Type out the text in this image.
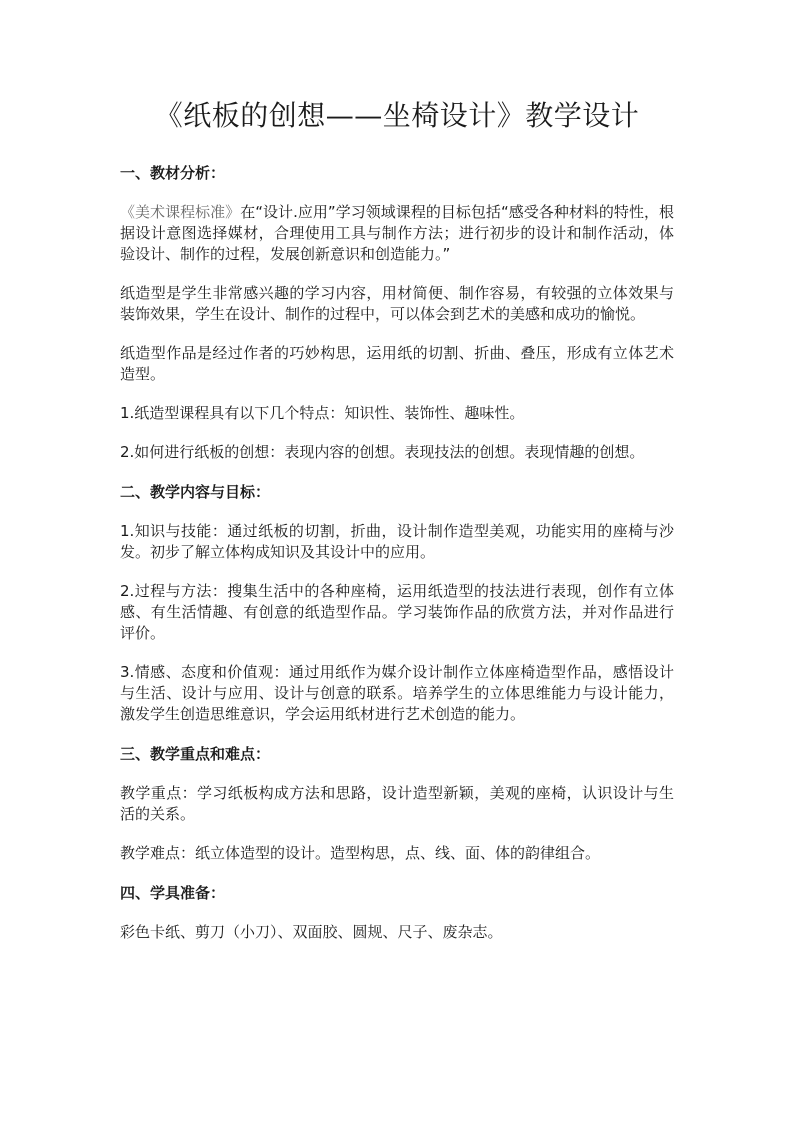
《纸板的创想——坐椅设计》教学设计
一、教材分析：

《美术课程标准》在“设计.应用”学习领域课程的目标包括“感受各种材料的特性，根据设计意图选择媒材，合理使用工具与制作方法；进行初步的设计和制作活动，体验设计、制作的过程，发展创新意识和创造能力。”

纸造型是学生非常感兴趣的学习内容，用材简便、制作容易，有较强的立体效果与装饰效果，学生在设计、制作的过程中，可以体会到艺术的美感和成功的愉悦。

纸造型作品是经过作者的巧妙构思，运用纸的切割、折曲、叠压，形成有立体艺术造型。

1.纸造型课程具有以下几个特点：知识性、装饰性、趣味性。

2.如何进行纸板的创想：表现内容的创想。表现技法的创想。表现情趣的创想。

二、教学内容与目标：

1.知识与技能：通过纸板的切割，折曲，设计制作造型美观，功能实用的座椅与沙发。初步了解立体构成知识及其设计中的应用。

2.过程与方法：搜集生活中的各种座椅，运用纸造型的技法进行表现，创作有立体感、有生活情趣、有创意的纸造型作品。学习装饰作品的欣赏方法，并对作品进行评价。

3.情感、态度和价值观：通过用纸作为媒介设计制作立体座椅造型作品，感悟设计与生活、设计与应用、设计与创意的联系。培养学生的立体思维能力与设计能力，激发学生创造思维意识，学会运用纸材进行艺术创造的能力。

三、教学重点和难点：

教学重点：学习纸板构成方法和思路，设计造型新颖，美观的座椅，认识设计与生活的关系。

教学难点：纸立体造型的设计。造型构思，点、线、面、体的韵律组合。

四、学具准备：

彩色卡纸、剪刀（小刀）、双面胶、圆规、尺子、废杂志。
